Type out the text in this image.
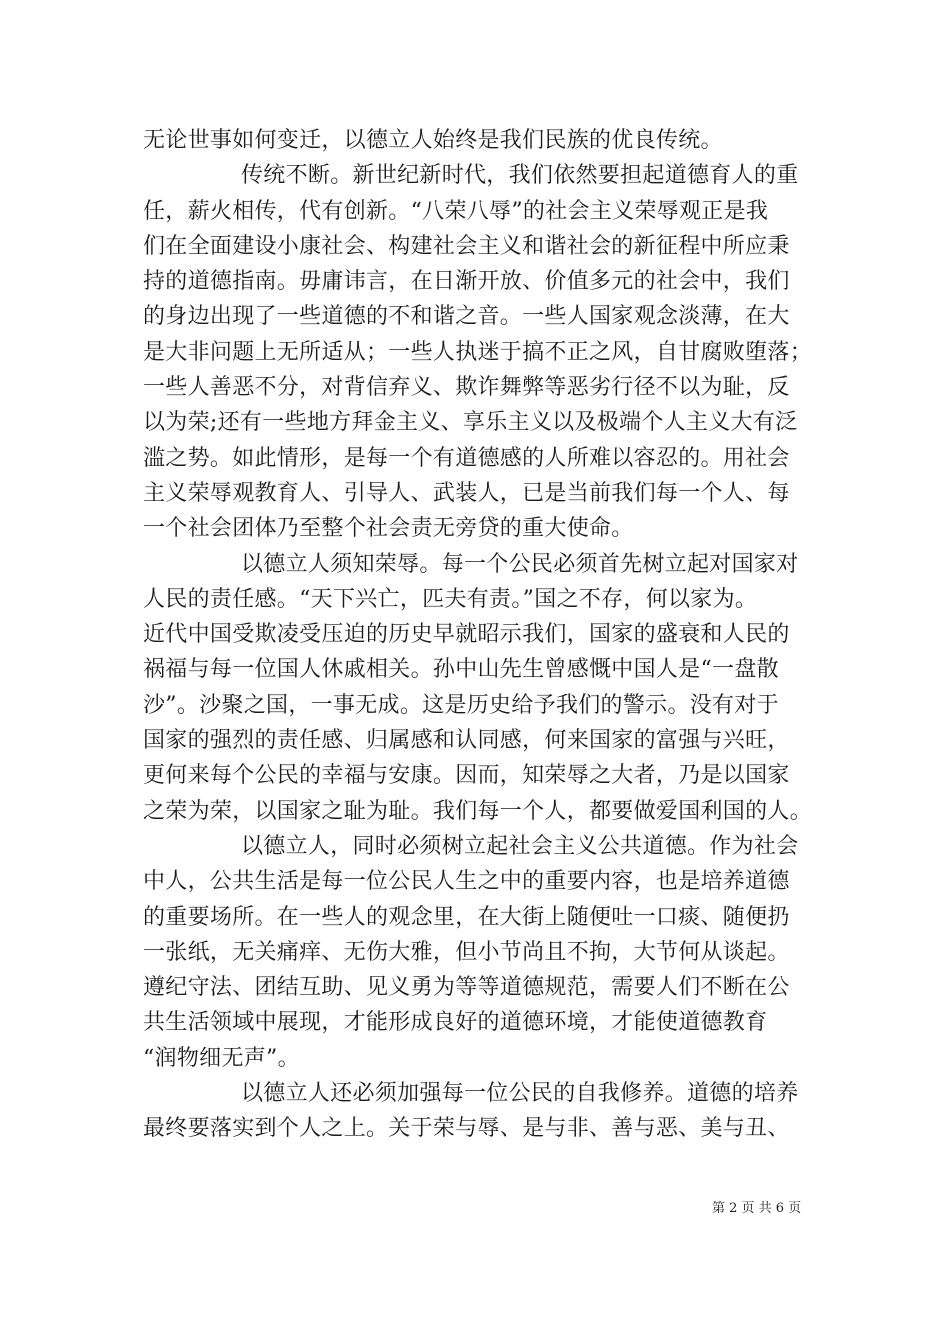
无论世事如何变迁，以德立人始终是我们民族的优良传统。
传统不断。新世纪新时代，我们依然要担起道德育人的重
任，薪火相传，代有创新。“八荣八辱”的社会主义荣辱观正是我
们在全面建设小康社会、构建社会主义和谐社会的新征程中所应秉
持的道德指南。毋庸讳言，在日渐开放、价值多元的社会中，我们
的身边出现了一些道德的不和谐之音。一些人国家观念淡薄，在大
是大非问题上无所适从；一些人执迷于搞不正之风，自甘腐败堕落；
一些人善恶不分，对背信弃义、欺诈舞弊等恶劣行径不以为耻，反
以为荣;还有一些地方拜金主义、享乐主义以及极端个人主义大有泛
滥之势。如此情形，是每一个有道德感的人所难以容忍的。用社会
主义荣辱观教育人、引导人、武装人，已是当前我们每一个人、每
一个社会团体乃至整个社会责无旁贷的重大使命。
以德立人须知荣辱。每一个公民必须首先树立起对国家对
人民的责任感。“天下兴亡，匹夫有责。”国之不存，何以家为。
近代中国受欺凌受压迫的历史早就昭示我们，国家的盛衰和人民的
祸福与每一位国人休戚相关。孙中山先生曾感慨中国人是“一盘散
沙”。沙聚之国，一事无成。这是历史给予我们的警示。没有对于
国家的强烈的责任感、归属感和认同感，何来国家的富强与兴旺，
更何来每个公民的幸福与安康。因而，知荣辱之大者，乃是以国家
之荣为荣，以国家之耻为耻。我们每一个人，都要做爱国利国的人。
以德立人，同时必须树立起社会主义公共道德。作为社会
中人，公共生活是每一位公民人生之中的重要内容，也是培养道德
的重要场所。在一些人的观念里，在大街上随便吐一口痰、随便扔
一张纸，无关痛痒、无伤大雅，但小节尚且不拘，大节何从谈起。
遵纪守法、团结互助、见义勇为等等道德规范，需要人们不断在公
共生活领域中展现，才能形成良好的道德环境，才能使道德教育
“润物细无声”。
以德立人还必须加强每一位公民的自我修养。道德的培养
最终要落实到个人之上。关于荣与辱、是与非、善与恶、美与丑、
第 2 页 共 6 页
